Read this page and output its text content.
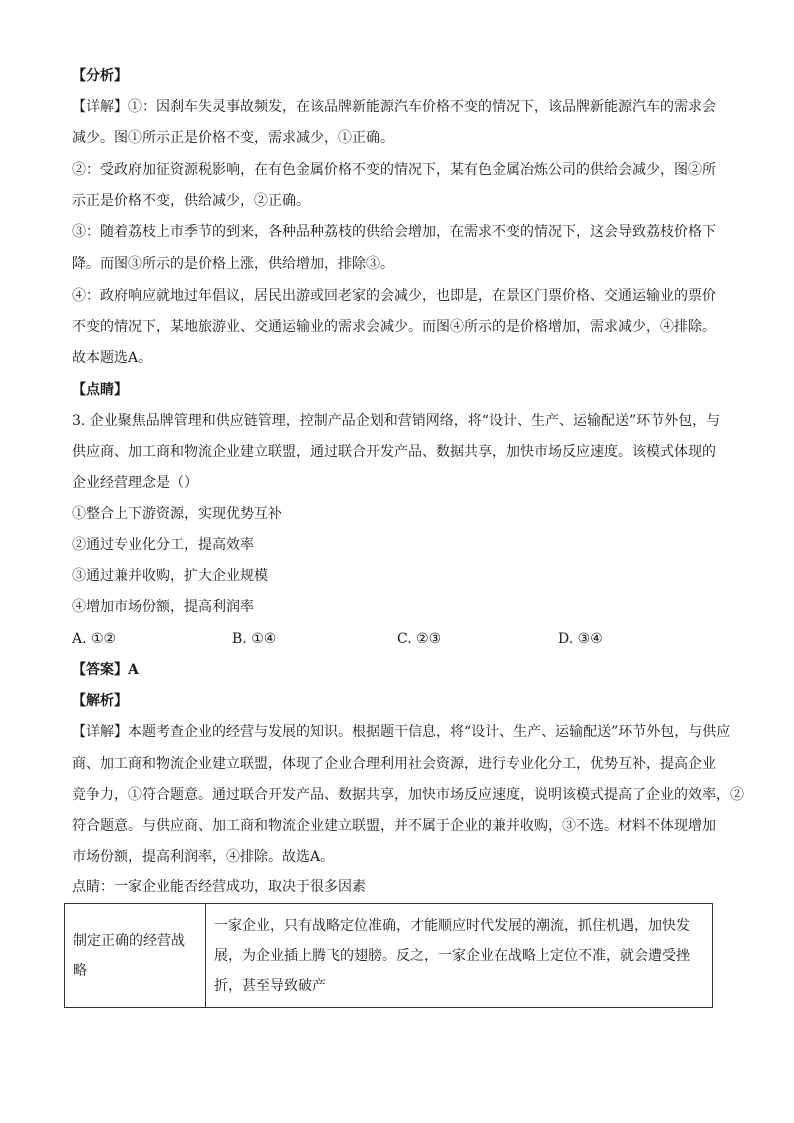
【分析】
【详解】①：因刹车失灵事故频发，在该品牌新能源汽车价格不变的情况下，该品牌新能源汽车的需求会
减少。图①所示正是价格不变，需求减少，①正确。
②：受政府加征资源税影响，在有色金属价格不变的情况下，某有色金属冶炼公司的供给会减少，图②所
示正是价格不变，供给减少，②正确。
③：随着荔枝上市季节的到来，各种品种荔枝的供给会增加，在需求不变的情况下，这会导致荔枝价格下
降。而图③所示的是价格上涨，供给增加，排除③。
④：政府响应就地过年倡议，居民出游或回老家的会减少，也即是，在景区门票价格、交通运输业的票价
不变的情况下，某地旅游业、交通运输业的需求会减少。而图④所示的是价格增加，需求减少，④排除。
故本题选A。
【点睛】
3. 企业聚焦品牌管理和供应链管理，控制产品企划和营销网络，将“设计、生产、运输配送”环节外包，与
供应商、加工商和物流企业建立联盟，通过联合开发产品、数据共享，加快市场反应速度。该模式体现的
企业经营理念是（）
①整合上下游资源，实现优势互补
②通过专业化分工，提高效率
③通过兼并收购，扩大企业规模
④增加市场份额，提高利润率
A. ①②	B. ①④	C. ②③	D. ③④
【答案】A
【解析】
【详解】本题考查企业的经营与发展的知识。根据题干信息，将“设计、生产、运输配送”环节外包，与供应
商、加工商和物流企业建立联盟，体现了企业合理利用社会资源，进行专业化分工，优势互补，提高企业
竞争力，①符合题意。通过联合开发产品、数据共享，加快市场反应速度，说明该模式提高了企业的效率，②
符合题意。与供应商、加工商和物流企业建立联盟，并不属于企业的兼并收购，③不选。材料不体现增加
市场份额，提高利润率，④排除。故选A。
点睛：一家企业能否经营成功，取决于很多因素
制定正确的经营战略	一家企业，只有战略定位准确，才能顺应时代发展的潮流，抓住机遇，加快发展，为企业插上腾飞的翅膀。反之，一家企业在战略上定位不准，就会遭受挫折，甚至导致破产
